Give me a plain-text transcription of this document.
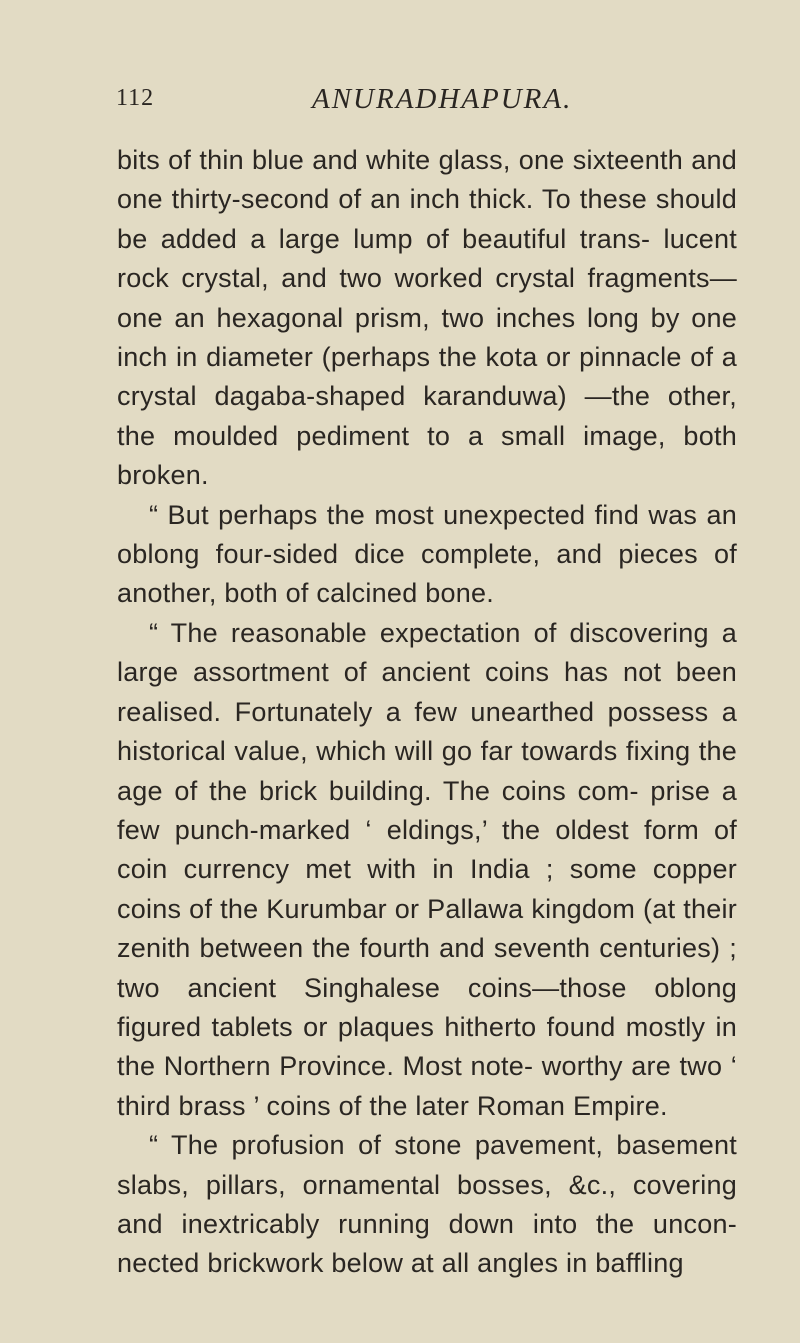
112	ANURADHAPURA.

bits of thin blue and white glass, one sixteenth and one thirty-second of an inch thick. To these should be added a large lump of beautiful trans- lucent rock crystal, and two worked crystal fragments—one an hexagonal prism, two inches long by one inch in diameter (perhaps the kota or pinnacle of a crystal dagaba-shaped karanduwa) —the other, the moulded pediment to a small image, both broken.

“ But perhaps the most unexpected find was an oblong four-sided dice complete, and pieces of another, both of calcined bone.

“ The reasonable expectation of discovering a large assortment of ancient coins has not been realised. Fortunately a few unearthed possess a historical value, which will go far towards fixing the age of the brick building. The coins com- prise a few punch-marked ‘ eldings,’ the oldest form of coin currency met with in India ; some copper coins of the Kurumbar or Pallawa kingdom (at their zenith between the fourth and seventh centuries) ; two ancient Singhalese coins—those oblong figured tablets or plaques hitherto found mostly in the Northern Province. Most note- worthy are two ‘ third brass ’ coins of the later Roman Empire.

“ The profusion of stone pavement, basement slabs, pillars, ornamental bosses, &c., covering and inextricably running down into the uncon- nected brickwork below at all angles in baffling
